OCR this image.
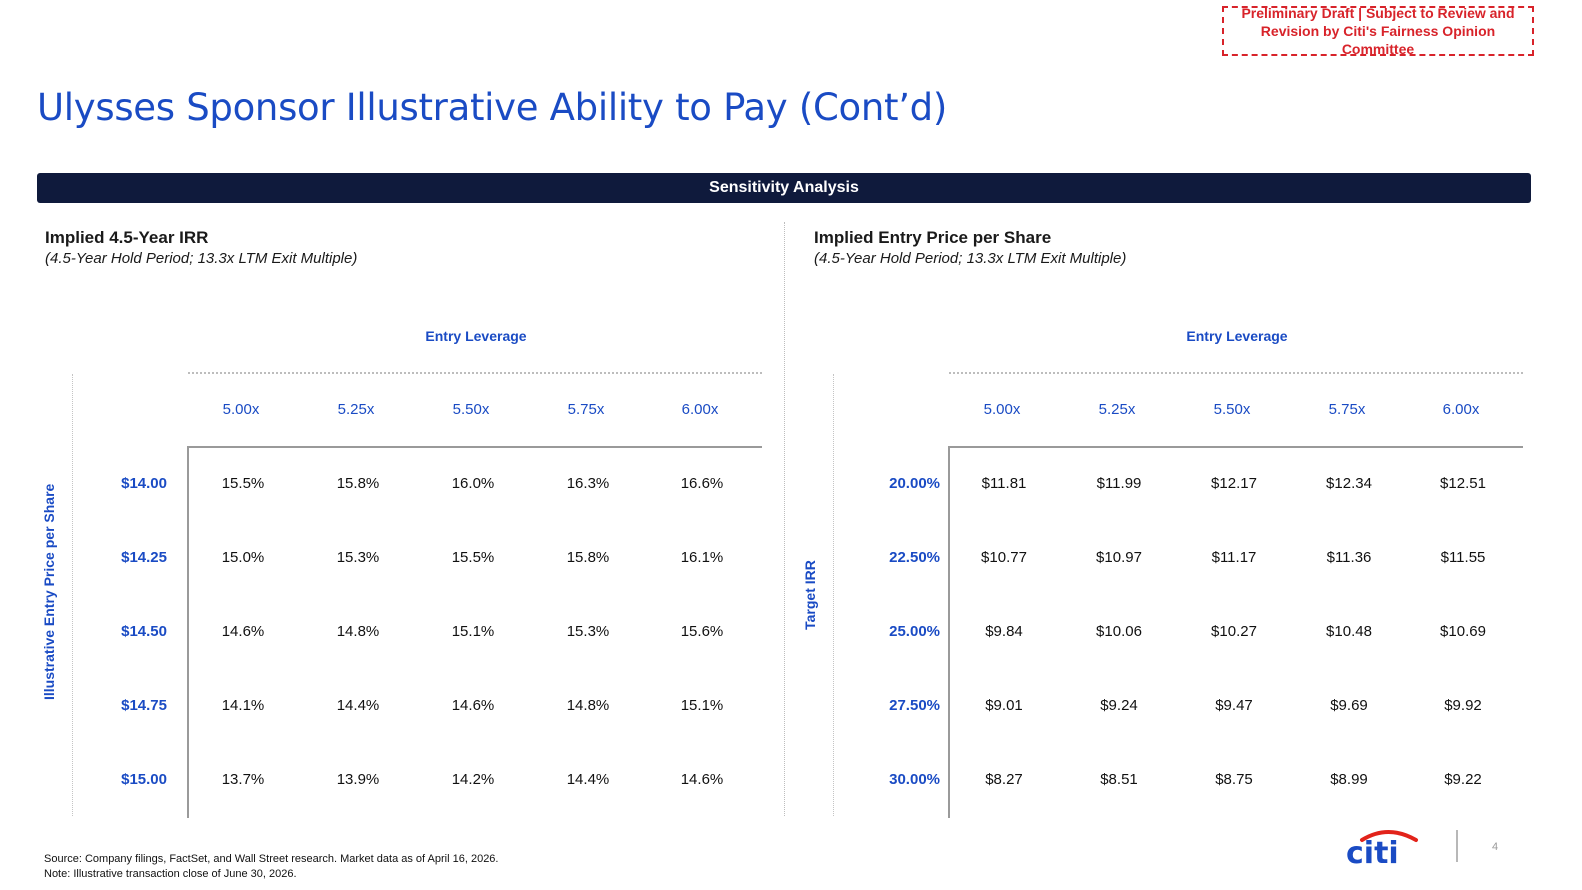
Preliminary Draft | Subject to Review and
Revision by Citi's Fairness Opinion Committee
Ulysses Sponsor Illustrative Ability to Pay (Cont’d)
Sensitivity Analysis
Implied 4.5-Year IRR
(4.5-Year Hold Period; 13.3x LTM Exit Multiple)
Entry Leverage
Illustrative Entry Price per Share
Implied Entry Price per Share
(4.5-Year Hold Period; 13.3x LTM Exit Multiple)
Entry Leverage
Target IRR
Source: Company filings, FactSet, and Wall Street research. Market data as of April 16, 2026.
Note: Illustrative transaction close of June 30, 2026.
citi	4
5.00x	5.25x	5.50x	5.75x	6.00x
$14.00	15.5%	15.8%	16.0%	16.3%	16.6%
$14.25	15.0%	15.3%	15.5%	15.8%	16.1%
$14.50	14.6%	14.8%	15.1%	15.3%	15.6%
$14.75	14.1%	14.4%	14.6%	14.8%	15.1%
$15.00	13.7%	13.9%	14.2%	14.4%	14.6%
5.00x	5.25x	5.50x	5.75x	6.00x
20.00%	$11.81	$11.99	$12.17	$12.34	$12.51
22.50%	$10.77	$10.97	$11.17	$11.36	$11.55
25.00%	$9.84	$10.06	$10.27	$10.48	$10.69
27.50%	$9.01	$9.24	$9.47	$9.69	$9.92
30.00%	$8.27	$8.51	$8.75	$8.99	$9.22
